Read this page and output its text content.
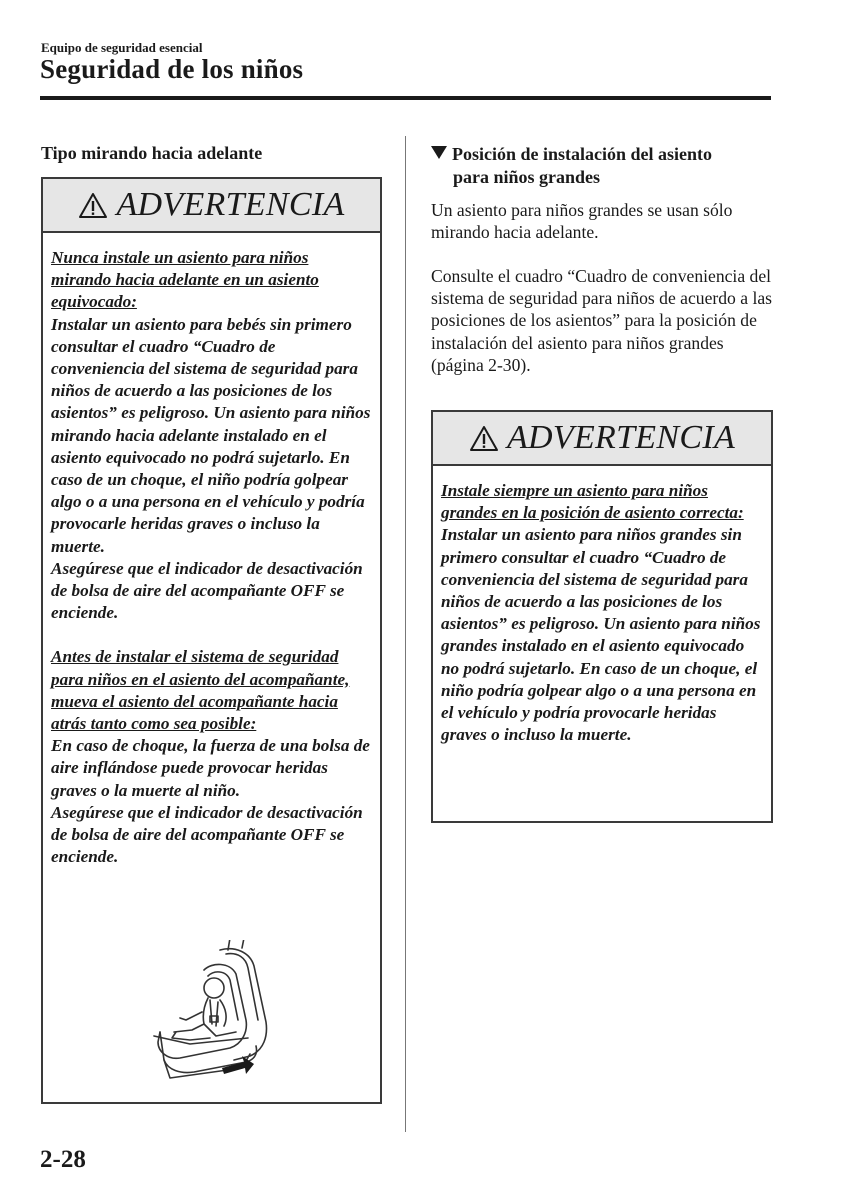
Equipo de seguridad esencial
Seguridad de los niños
Tipo mirando hacia adelante
ADVERTENCIA

Nunca instale un asiento para niños mirando hacia adelante en un asiento equivocado:

Instalar un asiento para bebés sin primero consultar el cuadro “Cuadro de conveniencia del sistema de seguridad para niños de acuerdo a las posiciones de los asientos” es peligroso. Un asiento para niños mirando hacia adelante instalado en el asiento equivocado no podrá sujetarlo. En caso de un choque, el niño podría golpear algo o a una persona en el vehículo y podría provocarle heridas graves o incluso la muerte.

Asegúrese que el indicador de desactivación de bolsa de aire del acompañante OFF se enciende.

Antes de instalar el sistema de seguridad para niños en el asiento del acompañante, mueva el asiento del acompañante hacia atrás tanto como sea posible:

En caso de choque, la fuerza de una bolsa de aire inflándose puede provocar heridas graves o la muerte al niño.

Asegúrese que el indicador de desactivación de bolsa de aire del acompañante OFF se enciende.

Posición de instalación del asiento
para niños grandes
Un asiento para niños grandes se usan sólo mirando hacia adelante.
Consulte el cuadro “Cuadro de conveniencia del sistema de seguridad para niños de acuerdo a las posiciones de los asientos” para la posición de instalación del asiento para niños grandes (página 2-30).
ADVERTENCIA

Instale siempre un asiento para niños grandes en la posición de asiento correcta:

Instalar un asiento para niños grandes sin primero consultar el cuadro “Cuadro de conveniencia del sistema de seguridad para niños de acuerdo a las posiciones de los asientos” es peligroso. Un asiento para niños grandes instalado en el asiento equivocado no podrá sujetarlo. En caso de un choque, el niño podría golpear algo o a una persona en el vehículo y podría provocarle heridas graves o incluso la muerte.

2-28
